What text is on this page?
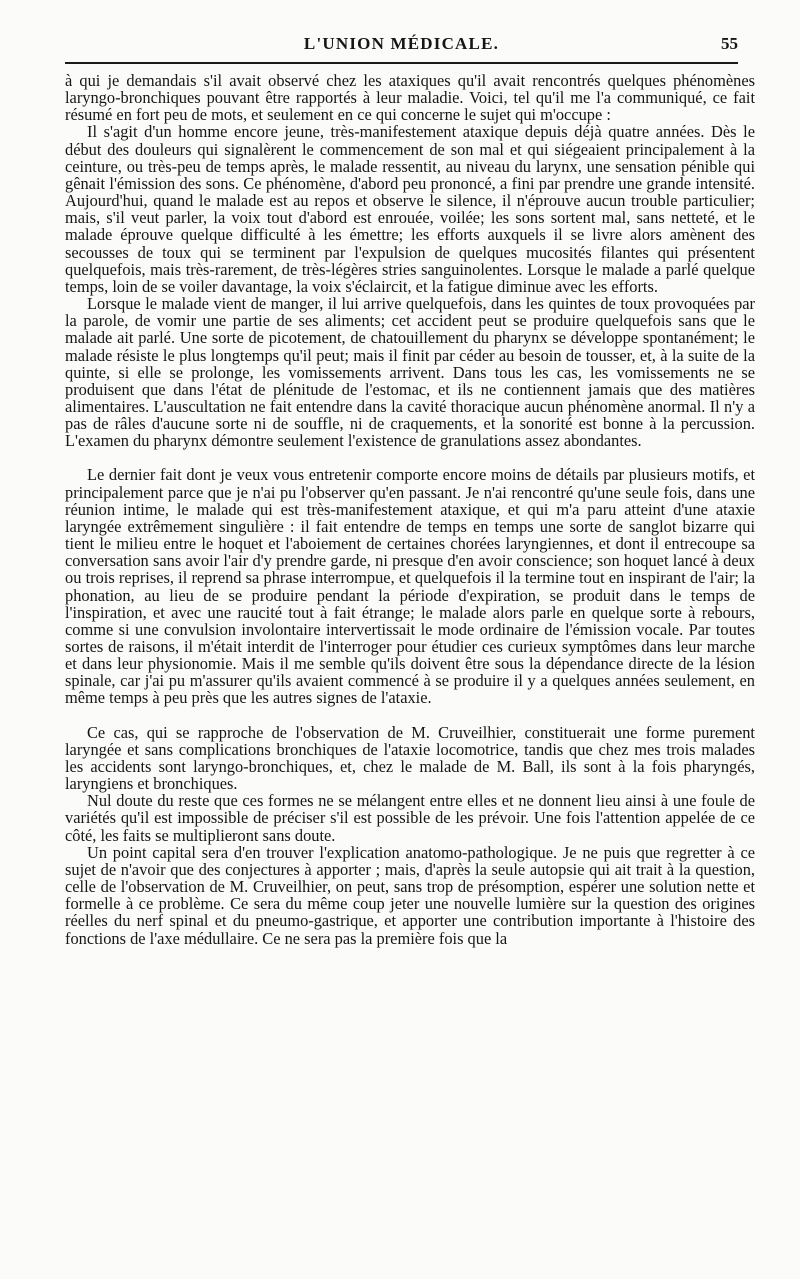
L'UNION MÉDICALE.	55

à qui je demandais s'il avait observé chez les ataxiques qu'il avait rencontrés quelques phénomènes laryngo-bronchiques pouvant être rapportés à leur maladie. Voici, tel qu'il me l'a communiqué, ce fait résumé en fort peu de mots, et seulement en ce qui concerne le sujet qui m'occupe :

Il s'agit d'un homme encore jeune, très-manifestement ataxique depuis déjà quatre années. Dès le début des douleurs qui signalèrent le commencement de son mal et qui siégeaient principalement à la ceinture, ou très-peu de temps après, le malade ressentit, au niveau du larynx, une sensation pénible qui gênait l'émission des sons. Ce phénomène, d'abord peu prononcé, a fini par prendre une grande intensité. Aujourd'hui, quand le malade est au repos et observe le silence, il n'éprouve aucun trouble particulier; mais, s'il veut parler, la voix tout d'abord est enrouée, voilée; les sons sortent mal, sans netteté, et le malade éprouve quelque difficulté à les émettre; les efforts auxquels il se livre alors amènent des secousses de toux qui se terminent par l'expulsion de quelques mucosités filantes qui présentent quelquefois, mais très-rarement, de très-légères stries sanguinolentes. Lorsque le malade a parlé quelque temps, loin de se voiler davantage, la voix s'éclaircit, et la fatigue diminue avec les efforts.

Lorsque le malade vient de manger, il lui arrive quelquefois, dans les quintes de toux provoquées par la parole, de vomir une partie de ses aliments; cet accident peut se produire quelquefois sans que le malade ait parlé. Une sorte de picotement, de chatouillement du pharynx se développe spontanément; le malade résiste le plus longtemps qu'il peut; mais il finit par céder au besoin de tousser, et, à la suite de la quinte, si elle se prolonge, les vomissements arrivent. Dans tous les cas, les vomissements ne se produisent que dans l'état de plénitude de l'estomac, et ils ne contiennent jamais que des matières alimentaires. L'auscultation ne fait entendre dans la cavité thoracique aucun phénomène anormal. Il n'y a pas de râles d'aucune sorte ni de souffle, ni de craquements, et la sonorité est bonne à la percussion. L'examen du pharynx démontre seulement l'existence de granulations assez abondantes.

Le dernier fait dont je veux vous entretenir comporte encore moins de détails par plusieurs motifs, et principalement parce que je n'ai pu l'observer qu'en passant. Je n'ai rencontré qu'une seule fois, dans une réunion intime, le malade qui est très-manifestement ataxique, et qui m'a paru atteint d'une ataxie laryngée extrêmement singulière : il fait entendre de temps en temps une sorte de sanglot bizarre qui tient le milieu entre le hoquet et l'aboiement de certaines chorées laryngiennes, et dont il entrecoupe sa conversation sans avoir l'air d'y prendre garde, ni presque d'en avoir conscience; son hoquet lancé à deux ou trois reprises, il reprend sa phrase interrompue, et quelquefois il la termine tout en inspirant de l'air; la phonation, au lieu de se produire pendant la période d'expiration, se produit dans le temps de l'inspiration, et avec une raucité tout à fait étrange; le malade alors parle en quelque sorte à rebours, comme si une convulsion involontaire intervertissait le mode ordinaire de l'émission vocale. Par toutes sortes de raisons, il m'était interdit de l'interroger pour étudier ces curieux symptômes dans leur marche et dans leur physionomie. Mais il me semble qu'ils doivent être sous la dépendance directe de la lésion spinale, car j'ai pu m'assurer qu'ils avaient commencé à se produire il y a quelques années seulement, en même temps à peu près que les autres signes de l'ataxie.

Ce cas, qui se rapproche de l'observation de M. Cruveilhier, constituerait une forme purement laryngée et sans complications bronchiques de l'ataxie locomotrice, tandis que chez mes trois malades les accidents sont laryngo-bronchiques, et, chez le malade de M. Ball, ils sont à la fois pharyngés, laryngiens et bronchiques.

Nul doute du reste que ces formes ne se mélangent entre elles et ne donnent lieu ainsi à une foule de variétés qu'il est impossible de préciser s'il est possible de les prévoir. Une fois l'attention appelée de ce côté, les faits se multiplieront sans doute.

Un point capital sera d'en trouver l'explication anatomo-pathologique. Je ne puis que regretter à ce sujet de n'avoir que des conjectures à apporter ; mais, d'après la seule autopsie qui ait trait à la question, celle de l'observation de M. Cruveilhier, on peut, sans trop de présomption, espérer une solution nette et formelle à ce problème. Ce sera du même coup jeter une nouvelle lumière sur la question des origines réelles du nerf spinal et du pneumo-gastrique, et apporter une contribution importante à l'histoire des fonctions de l'axe médullaire. Ce ne sera pas la première fois que la
